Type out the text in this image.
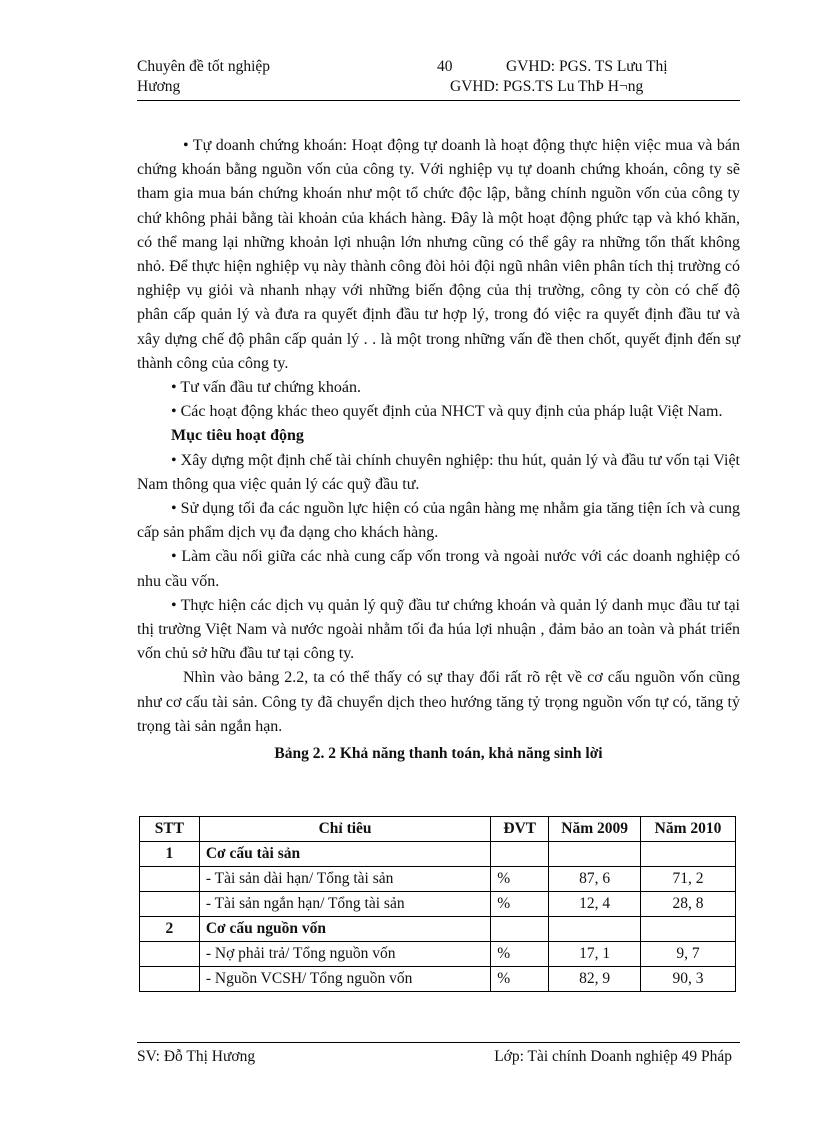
Chuyên đề tốt nghiệp	40	GVHD: PGS. TS Lưu Thị
Hương	GVHD: PGS.TS Lu ThÞ H¬ng

• Tự doanh chứng khoán: Hoạt động tự doanh là hoạt động thực hiện việc mua và bán chứng khoán bằng nguồn vốn của công ty. Với nghiệp vụ tự doanh chứng khoán, công ty sẽ tham gia mua bán chứng khoán như một tổ chức độc lập, bằng chính nguồn vốn của công ty chứ không phải bằng tài khoản của khách hàng. Đây là một hoạt động phức tạp và khó khăn, có thể mang lại những khoản lợi nhuận lớn nhưng cũng có thể gây ra những tổn thất không nhỏ. Để thực hiện nghiệp vụ này thành công đòi hỏi đội ngũ nhân viên phân tích thị trường có nghiệp vụ giỏi và nhanh nhạy với những biến động của thị trường, công ty còn có chế độ phân cấp quản lý và đưa ra quyết định đầu tư hợp lý, trong đó việc ra quyết định đầu tư và xây dựng chế độ phân cấp quản lý . . là một trong những vấn đề then chốt, quyết định đến sự thành công của công ty.

• Tư vấn đầu tư chứng khoán.

• Các hoạt động khác theo quyết định của NHCT và quy định của pháp luật Việt Nam.

Mục tiêu hoạt động

• Xây dựng một định chế tài chính chuyên nghiệp: thu hút, quản lý và đầu tư vốn tại Việt Nam thông qua việc quản lý các quỹ đầu tư.

• Sử dụng tối đa các nguồn lực hiện có của ngân hàng mẹ nhằm gia tăng tiện ích và cung cấp sản phẩm dịch vụ đa dạng cho khách hàng.

• Làm cầu nối giữa các nhà cung cấp vốn trong và ngoài nước với các doanh nghiệp có nhu cầu vốn.

• Thực hiện các dịch vụ quản lý quỹ đầu tư chứng khoán và quản lý danh mục đầu tư tại thị trường Việt Nam và nước ngoài nhằm tối đa húa lợi nhuận , đảm bảo an toàn và phát triển vốn chủ sở hữu đầu tư tại công ty.

Nhìn vào bảng 2.2, ta có thể thấy có sự thay đổi rất rõ rệt về cơ cấu nguồn vốn cũng như cơ cấu tài sản. Công ty đã chuyển dịch theo hướng tăng tỷ trọng nguồn vốn tự có, tăng tỷ trọng tài sản ngắn hạn.

Bảng 2. 2 Khả năng thanh toán, khả năng sinh lời

STT	Chỉ tiêu	ĐVT	Năm 2009	Năm 2010
1	Cơ cấu tài sản			
	- Tài sản dài hạn/ Tổng tài sản	%	87, 6	71, 2
	- Tài sản ngắn hạn/ Tổng tài sản	%	12, 4	28, 8
2	Cơ cấu nguồn vốn			
	- Nợ phải trả/ Tổng nguồn vốn	%	17, 1	9, 7
	- Nguồn VCSH/ Tổng nguồn vốn	%	82, 9	90, 3
SV: Đỗ Thị Hương	Lớp: Tài chính Doanh nghiệp 49 Pháp
